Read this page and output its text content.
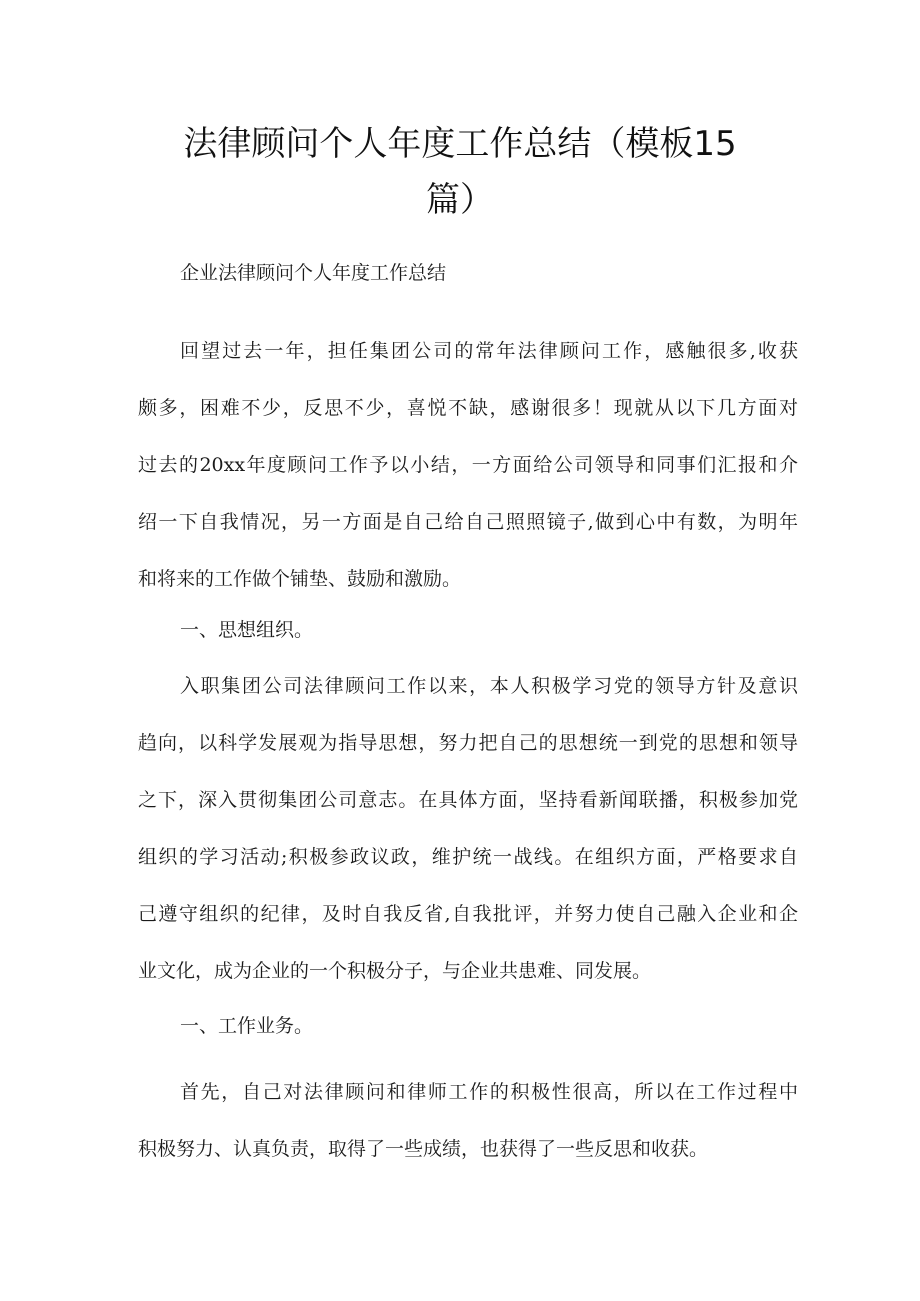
法律顾问个人年度工作总结（模板15
篇）

企业法律顾问个人年度工作总结

回望过去一年，担任集团公司的常年法律顾问工作，感触很多,收获
颇多，困难不少，反思不少，喜悦不缺，感谢很多！现就从以下几方面对
过去的20xx年度顾问工作予以小结，一方面给公司领导和同事们汇报和介
绍一下自我情况，另一方面是自己给自己照照镜子,做到心中有数，为明年
和将来的工作做个铺垫、鼓励和激励。

一、思想组织。

入职集团公司法律顾问工作以来，本人积极学习党的领导方针及意识
趋向，以科学发展观为指导思想，努力把自己的思想统一到党的思想和领导
之下，深入贯彻集团公司意志。在具体方面，坚持看新闻联播，积极参加党
组织的学习活动;积极参政议政，维护统一战线。在组织方面，严格要求自
己遵守组织的纪律，及时自我反省,自我批评，并努力使自己融入企业和企
业文化，成为企业的一个积极分子，与企业共患难、同发展。

一、工作业务。

首先，自己对法律顾问和律师工作的积极性很高，所以在工作过程中
积极努力、认真负责，取得了一些成绩，也获得了一些反思和收获。
